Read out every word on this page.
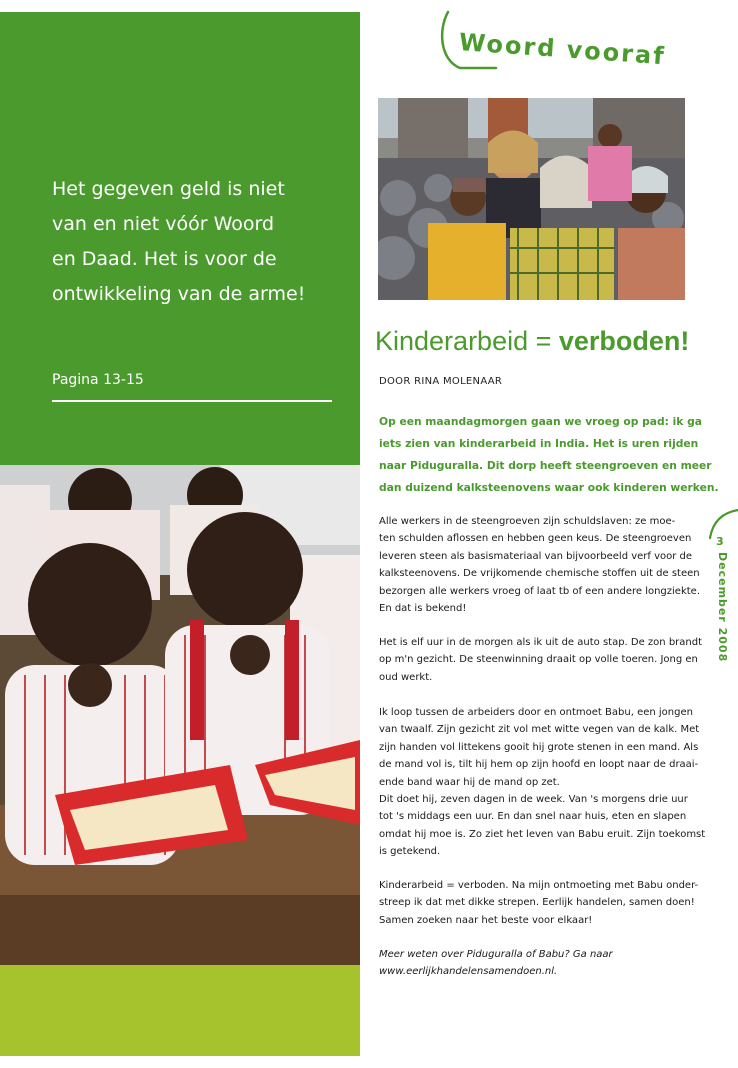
Het gegeven geld is niet
van en niet vóór Woord
en Daad. Het is voor de
ontwikkeling van de arme!
Pagina 13-15
Woord vooraf
Kinderarbeid = verboden!
DOOR RINA MOLENAAR
Op een maandagmorgen gaan we vroeg op pad: ik ga
iets zien van kinderarbeid in India. Het is uren rijden
naar Piduguralla. Dit dorp heeft steengroeven en meer
dan duizend kalksteenovens waar ook kinderen werken.
Alle werkers in de steengroeven zijn schuldslaven: ze moe-
ten schulden aflossen en hebben geen keus. De steengroeven
leveren steen als basismateriaal van bijvoorbeeld verf voor de
kalksteenovens. De vrijkomende chemische stoffen uit de steen
bezorgen alle werkers vroeg of laat tb of een andere longziekte.
En dat is bekend!
Het is elf uur in de morgen als ik uit de auto stap. De zon brandt
op m'n gezicht. De steenwinning draait op volle toeren. Jong en
oud werkt.
Ik loop tussen de arbeiders door en ontmoet Babu, een jongen
van twaalf. Zijn gezicht zit vol met witte vegen van de kalk. Met
zijn handen vol littekens gooit hij grote stenen in een mand. Als
de mand vol is, tilt hij hem op zijn hoofd en loopt naar de draai-
ende band waar hij de mand op zet.
Dit doet hij, zeven dagen in de week. Van 's morgens drie uur
tot 's middags een uur. En dan snel naar huis, eten en slapen
omdat hij moe is. Zo ziet het leven van Babu eruit. Zijn toekomst
is getekend.
Kinderarbeid = verboden. Na mijn ontmoeting met Babu onder-
streep ik dat met dikke strepen. Eerlijk handelen, samen doen!
Samen zoeken naar het beste voor elkaar!
Meer weten over Piduguralla of Babu? Ga naar
www.eerlijkhandelensamendoen.nl.
3
December 2008
